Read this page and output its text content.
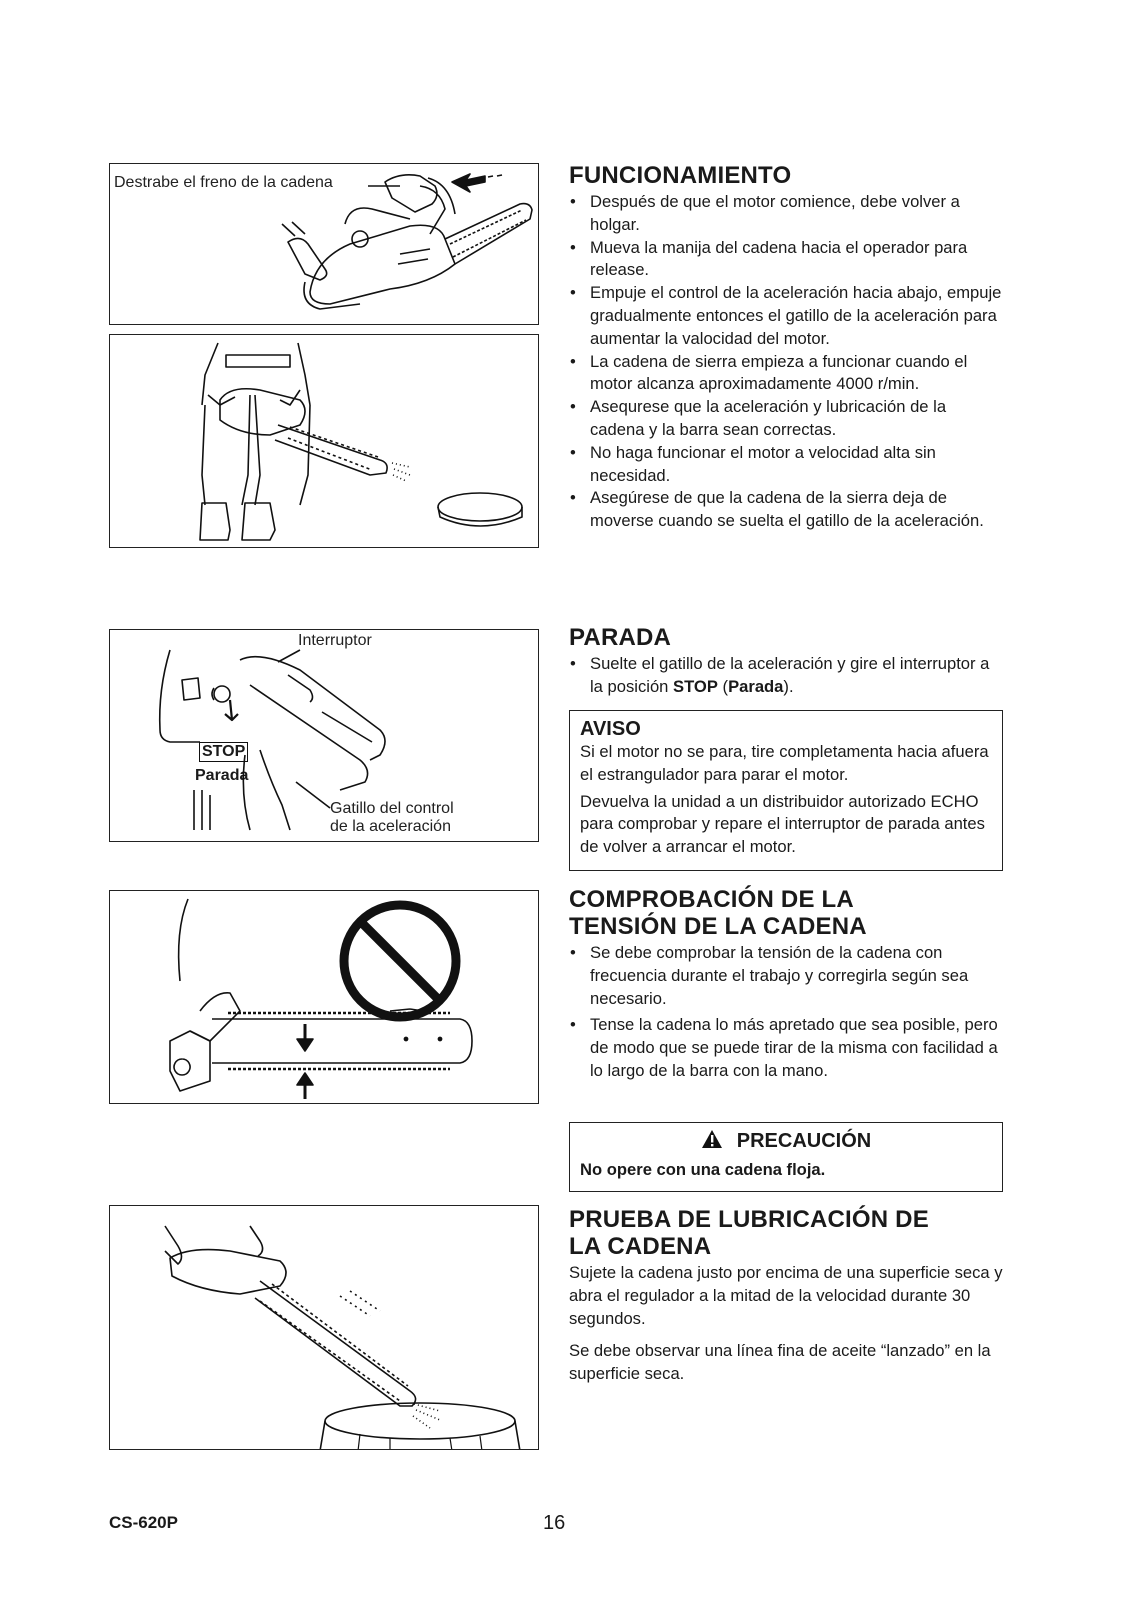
Destrabe el freno de la cadena
Interruptor
STOP
Parada
Gatillo del control
de la aceleración
FUNCIONAMIENTO
• Después de que el motor comience, debe volver a holgar.
• Mueva la manija del cadena hacia el operador para release.
• Empuje el control de la aceleración hacia abajo, empuje gradualmente entonces el gatillo de la aceleración para aumentar la valocidad del motor.
• La cadena de sierra empieza a funcionar cuando el motor alcanza aproximadamente 4000 r/min.
• Asequrese que la aceleración y lubricación de la cadena y la barra sean correctas.
• No haga funcionar el motor a velocidad alta sin necesidad.
• Asegúrese de que la cadena de la sierra deja de moverse cuando se suelta el gatillo de la aceleración.
PARADA
• Suelte el gatillo de la aceleración y gire el interruptor a la posición STOP (Parada).
AVISO

Si el motor no se para, tire completamenta hacia afuera el estrangulador para parar el motor.

Devuelva la unidad a un distribuidor autorizado ECHO para comprobar y repare el interruptor de parada antes de volver a arrancar el motor.

COMPROBACIÓN DE LA
TENSIÓN DE LA CADENA
• Se debe comprobar la tensión de la cadena con frecuencia durante el trabajo y corregirla según sea necesario.
• Tense la cadena lo más apretado que sea posible, pero de modo que se puede tirar de la misma con facilidad a lo largo de la barra con la mano.
PRECAUCIÓN

No opere con una cadena floja.

PRUEBA DE LUBRICACIÓN DE
LA CADENA

Sujete la cadena justo por encima de una superficie seca y abra el regulador a la mitad de la velocidad durante 30 segundos.

Se debe observar una línea fina de aceite “lanzado” en la superficie seca.

CS-620P	16
